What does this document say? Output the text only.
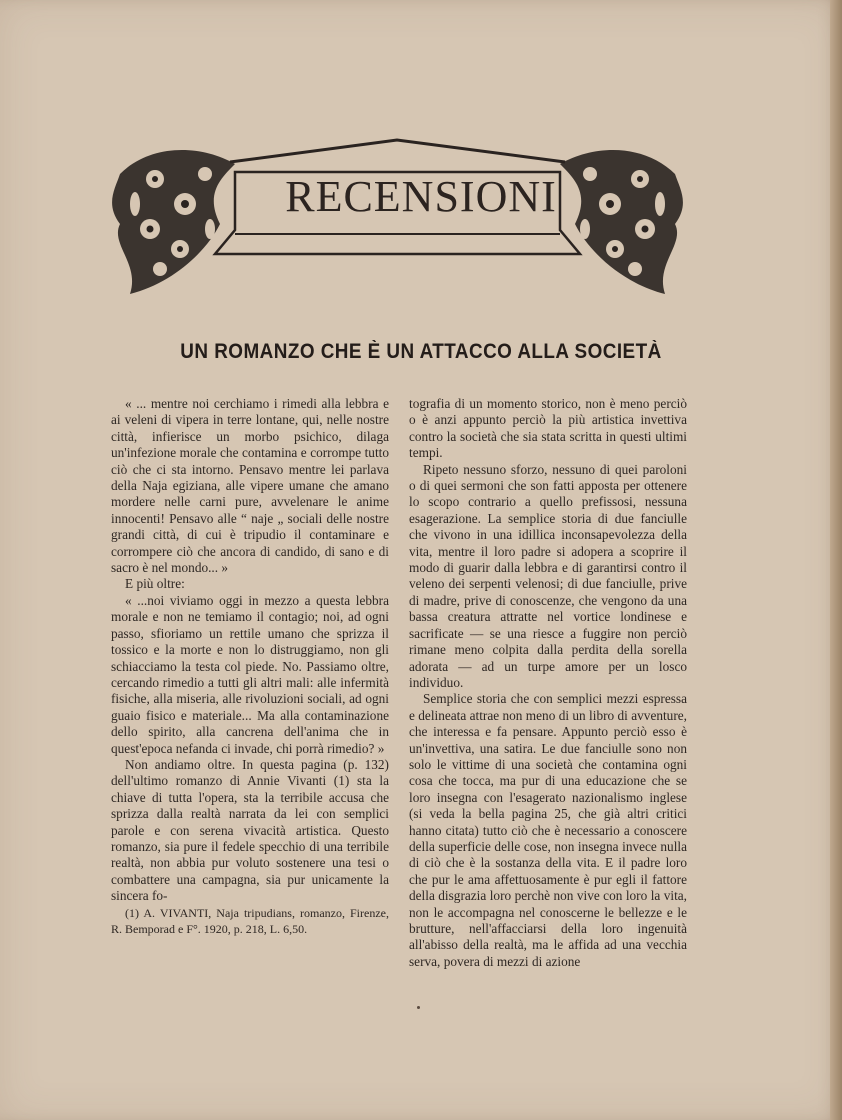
RECENSIONI
UN ROMANZO CHE È UN ATTACCO ALLA SOCIETÀ

« ... mentre noi cerchiamo i rimedi alla lebbra e ai veleni di vipera in terre lontane, qui, nelle nostre città, infierisce un morbo psichico, dilaga un'infezione morale che contamina e corrompe tutto ciò che ci sta intorno. Pensavo mentre lei parlava della Naja egiziana, alle vipere umane che amano mordere nelle carni pure, avvelenare le anime innocenti! Pensavo alle “ naje „ sociali delle nostre grandi città, di cui è tripudio il contaminare e corrompere ciò che ancora di candido, di sano e di sacro è nel mondo... »

E più oltre:

« ...noi viviamo oggi in mezzo a questa lebbra morale e non ne temiamo il contagio; noi, ad ogni passo, sfioriamo un rettile umano che sprizza il tossico e la morte e non lo distruggiamo, non gli schiacciamo la testa col piede. No. Passiamo oltre, cercando rimedio a tutti gli altri mali: alle infermità fisiche, alla miseria, alle rivoluzioni sociali, ad ogni guaio fisico e materiale... Ma alla contaminazione dello spirito, alla cancrena dell'anima che in quest'epoca nefanda ci invade, chi porrà rimedio? »

Non andiamo oltre. In questa pagina (p. 132) dell'ultimo romanzo di Annie Vivanti (1) sta la chiave di tutta l'opera, sta la terribile accusa che sprizza dalla realtà narrata da lei con semplici parole e con serena vivacità artistica. Questo romanzo, sia pure il fedele specchio di una terribile realtà, non abbia pur voluto sostenere una tesi o combattere una campagna, sia pur unicamente la sincera fo-

tografia di un momento storico, non è meno perciò o è anzi appunto perciò la più artistica invettiva contro la società che sia stata scritta in questi ultimi tempi.

Ripeto nessuno sforzo, nessuno di quei paroloni o di quei sermoni che son fatti apposta per ottenere lo scopo contrario a quello prefissosi, nessuna esagerazione. La semplice storia di due fanciulle che vivono in una idillica inconsapevolezza della vita, mentre il loro padre si adopera a scoprire il modo di guarir dalla lebbra e di garantirsi contro il veleno dei serpenti velenosi; di due fanciulle, prive di madre, prive di conoscenze, che vengono da una bassa creatura attratte nel vortice londinese e sacrificate — se una riesce a fuggire non perciò rimane meno colpita dalla perdita della sorella adorata — ad un turpe amore per un losco individuo.

Semplice storia che con semplici mezzi espressa e delineata attrae non meno di un libro di avventure, che interessa e fa pensare. Appunto perciò esso è un'invettiva, una satira. Le due fanciulle sono non solo le vittime di una società che contamina ogni cosa che tocca, ma pur di una educazione che se loro insegna con l'esagerato nazionalismo inglese (si veda la bella pagina 25, che già altri critici hanno citata) tutto ciò che è necessario a conoscere della superficie delle cose, non insegna invece nulla di ciò che è la sostanza della vita. E il padre loro che pur le ama affettuosamente è pur egli il fattore della disgrazia loro perchè non vive con loro la vita, non le accompagna nel conoscerne le bellezze e le brutture, nell'affacciarsi della loro ingenuità all'abisso della realtà, ma le affida ad una vecchia serva, povera di mezzi di azione

(1) A. VIVANTI, Naja tripudians, romanzo, Firenze, R. Bemporad e F°. 1920, p. 218, L. 6,50.
